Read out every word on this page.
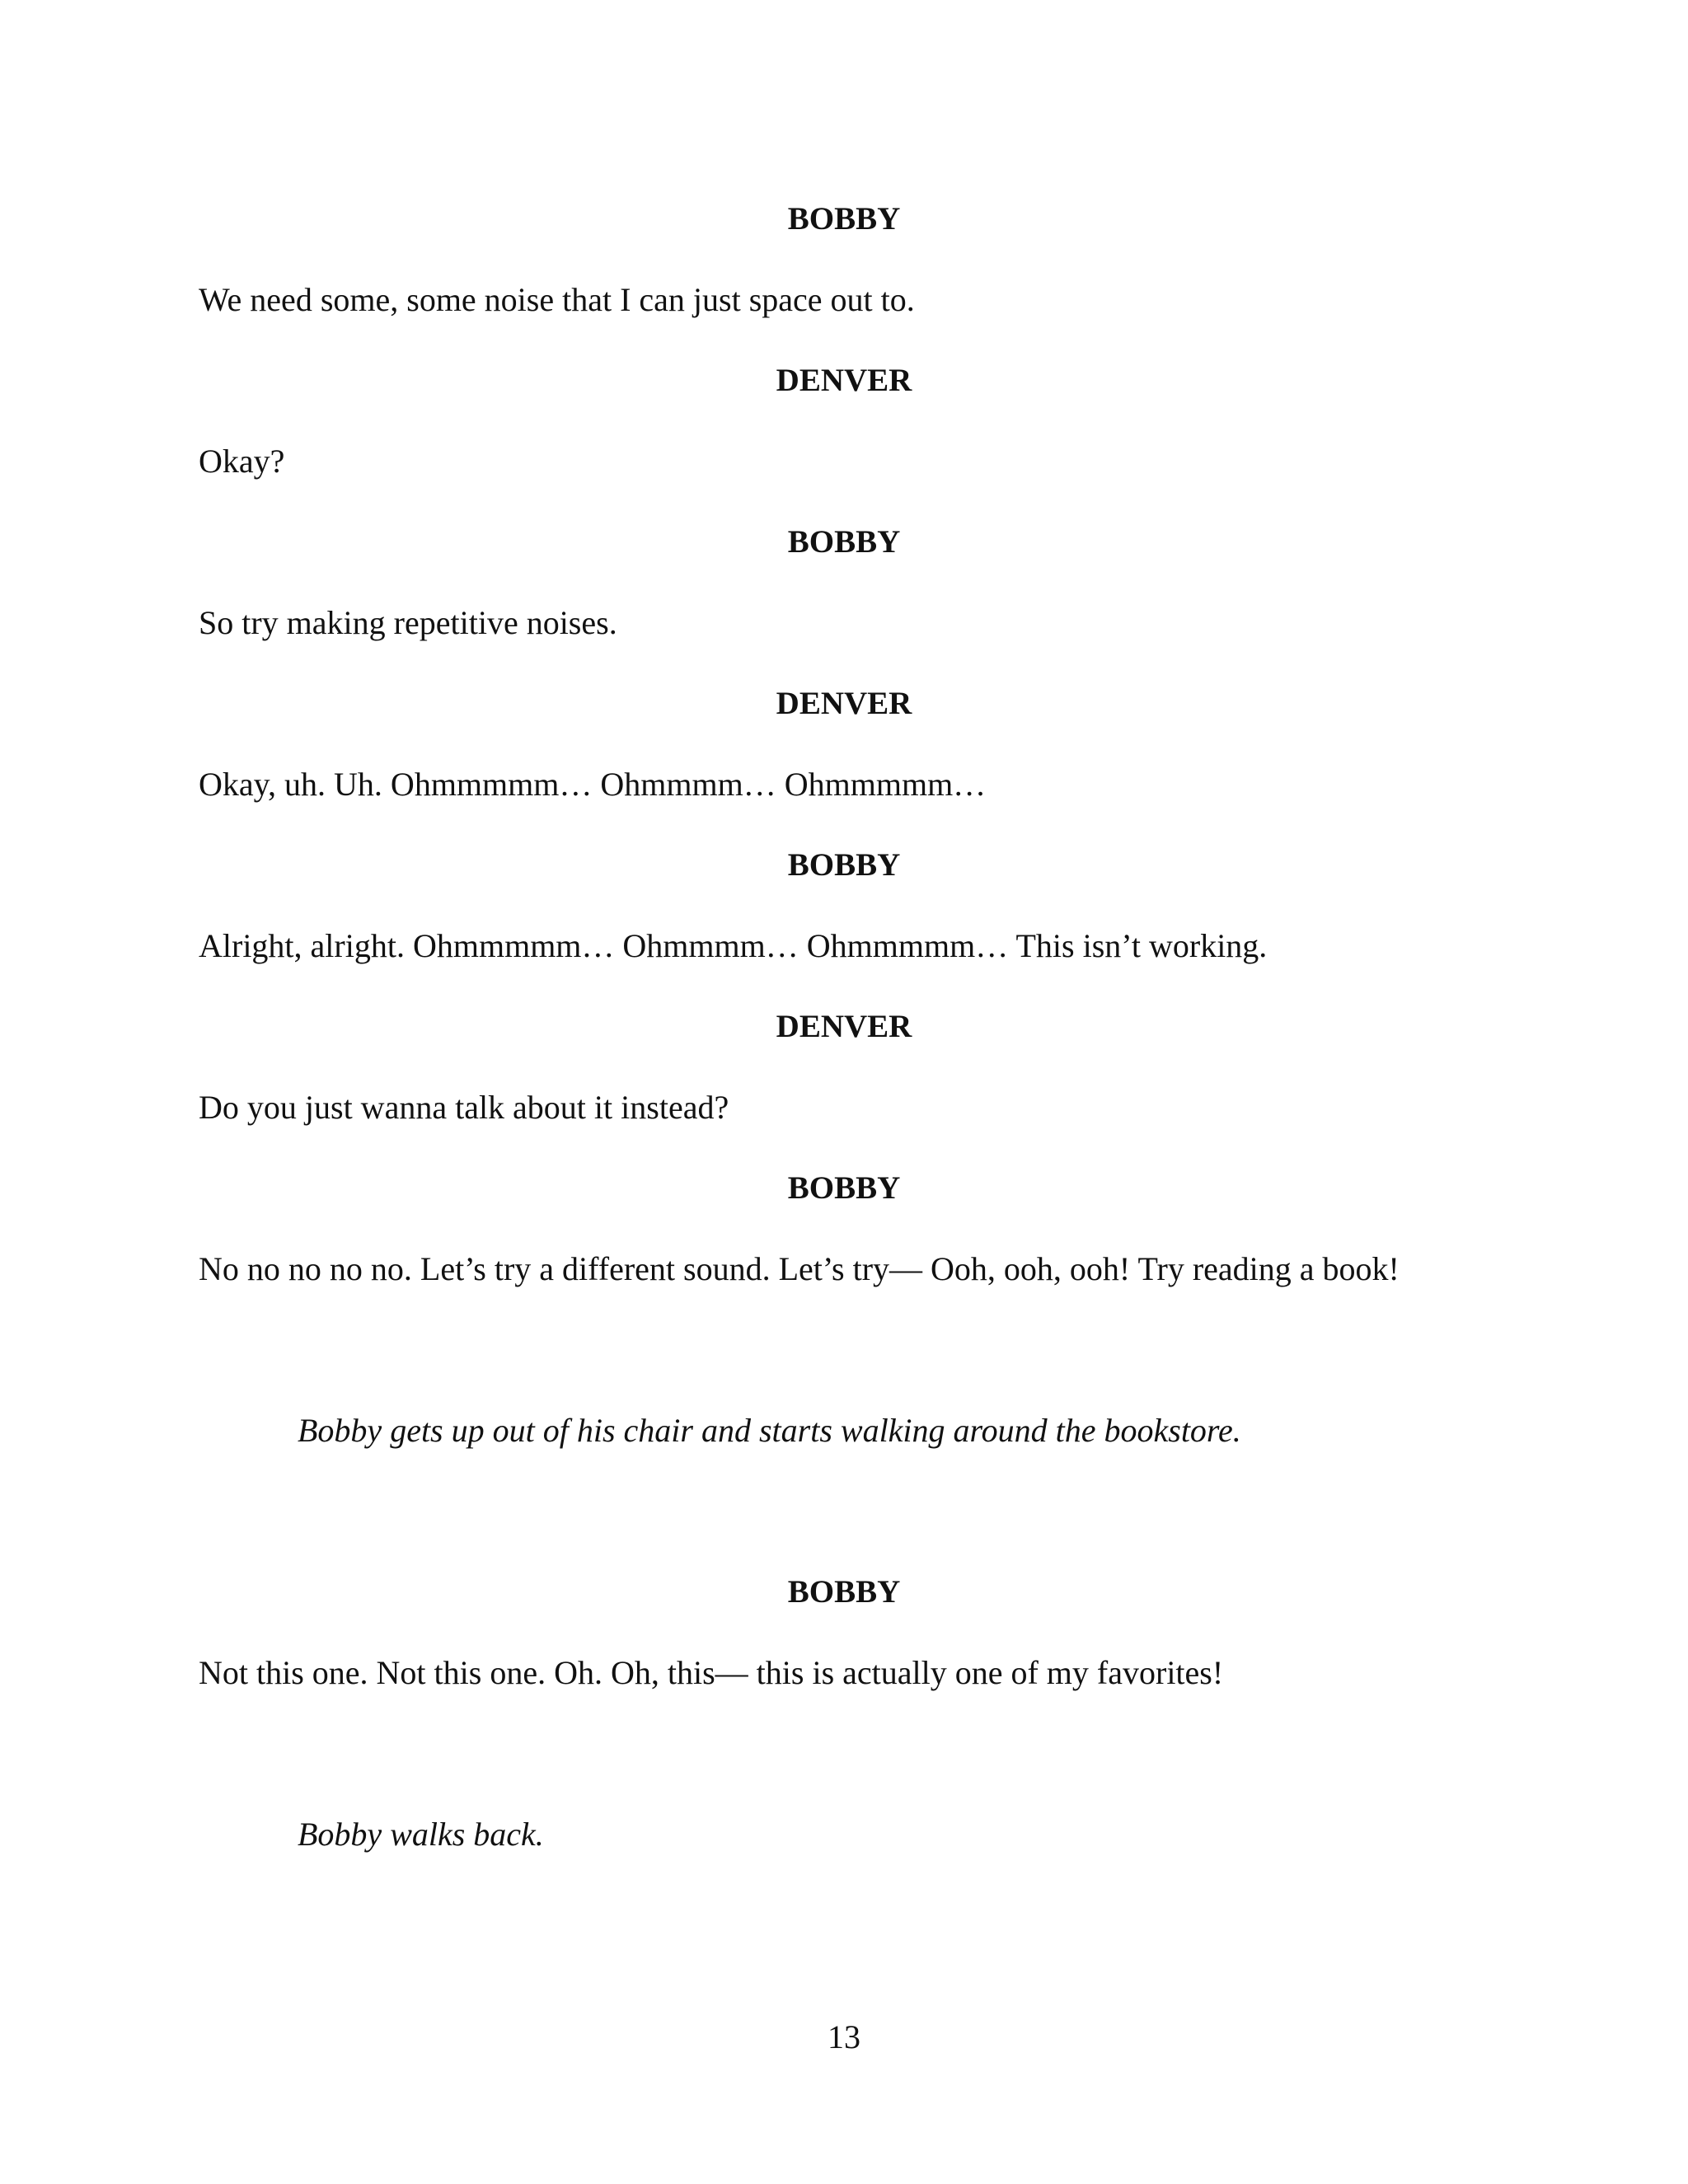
BOBBY
We need some, some noise that I can just space out to.
DENVER
Okay?
BOBBY
So try making repetitive noises.
DENVER
Okay, uh. Uh. Ohmmmmm… Ohmmmm… Ohmmmmm…
BOBBY
Alright, alright. Ohmmmmm… Ohmmmm… Ohmmmmm… This isn’t working.
DENVER
Do you just wanna talk about it instead?
BOBBY
No no no no no. Let’s try a different sound. Let’s try— Ooh, ooh, ooh! Try reading a book!
Bobby gets up out of his chair and starts walking around the bookstore.
BOBBY
Not this one. Not this one. Oh. Oh, this— this is actually one of my favorites!
Bobby walks back.
13
